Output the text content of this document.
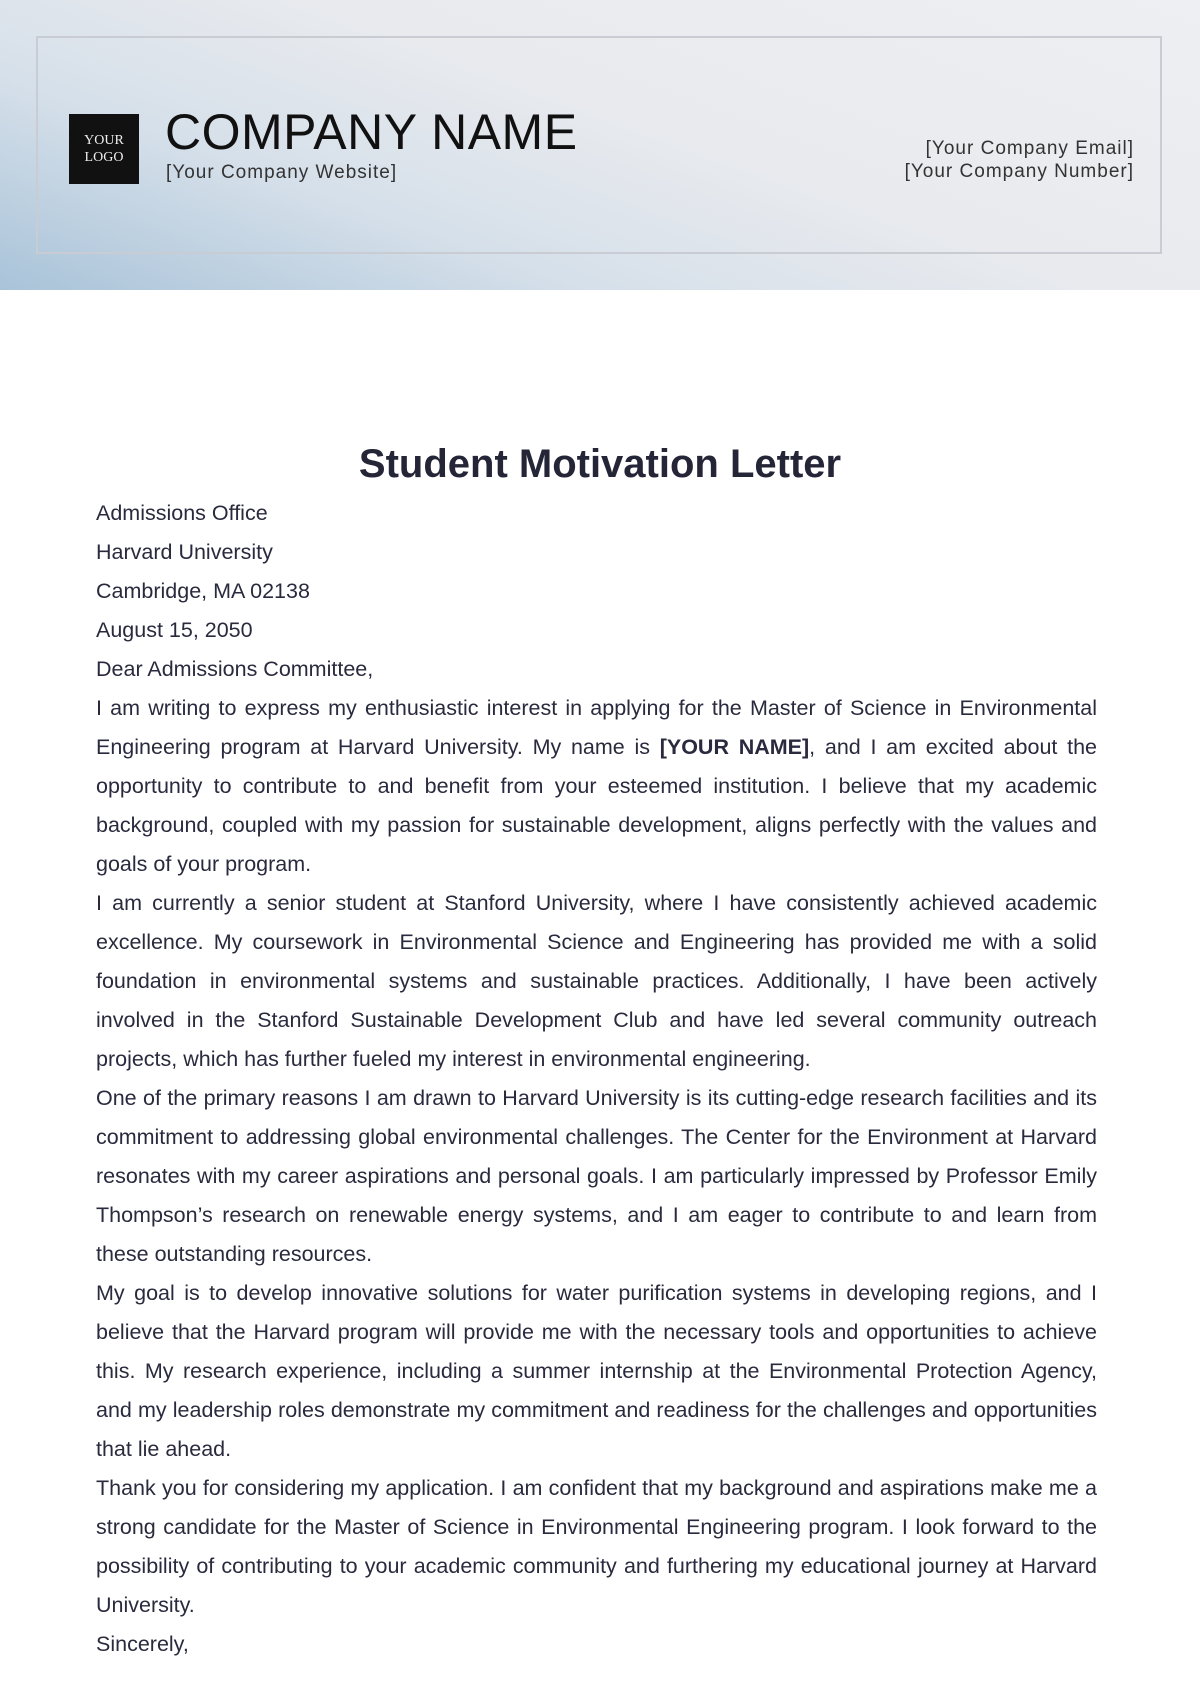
YOUR
LOGO COMPANY NAME
[Your Company Website]
[Your Company Email]
[Your Company Number]
Student Motivation Letter

Admissions Office

Harvard University

Cambridge, MA 02138

August 15, 2050

Dear Admissions Committee,

I am writing to express my enthusiastic interest in applying for the Master of Science in Environmental Engineering program at Harvard University. My name is [YOUR NAME], and I am excited about the opportunity to contribute to and benefit from your esteemed institution. I believe that my academic background, coupled with my passion for sustainable development, aligns perfectly with the values and goals of your program.

I am currently a senior student at Stanford University, where I have consistently achieved academic excellence. My coursework in Environmental Science and Engineering has provided me with a solid foundation in environmental systems and sustainable practices. Additionally, I have been actively involved in the Stanford Sustainable Development Club and have led several community outreach projects, which has further fueled my interest in environmental engineering.

One of the primary reasons I am drawn to Harvard University is its cutting-edge research facilities and its commitment to addressing global environmental challenges. The Center for the Environment at Harvard resonates with my career aspirations and personal goals. I am particularly impressed by Professor Emily Thompson’s research on renewable energy systems, and I am eager to contribute to and learn from these outstanding resources.

My goal is to develop innovative solutions for water purification systems in developing regions, and I believe that the Harvard program will provide me with the necessary tools and opportunities to achieve this. My research experience, including a summer internship at the Environmental Protection Agency, and my leadership roles demonstrate my commitment and readiness for the challenges and opportunities that lie ahead.

Thank you for considering my application. I am confident that my background and aspirations make me a strong candidate for the Master of Science in Environmental Engineering program. I look forward to the possibility of contributing to your academic community and furthering my educational journey at Harvard University.

Sincerely,
